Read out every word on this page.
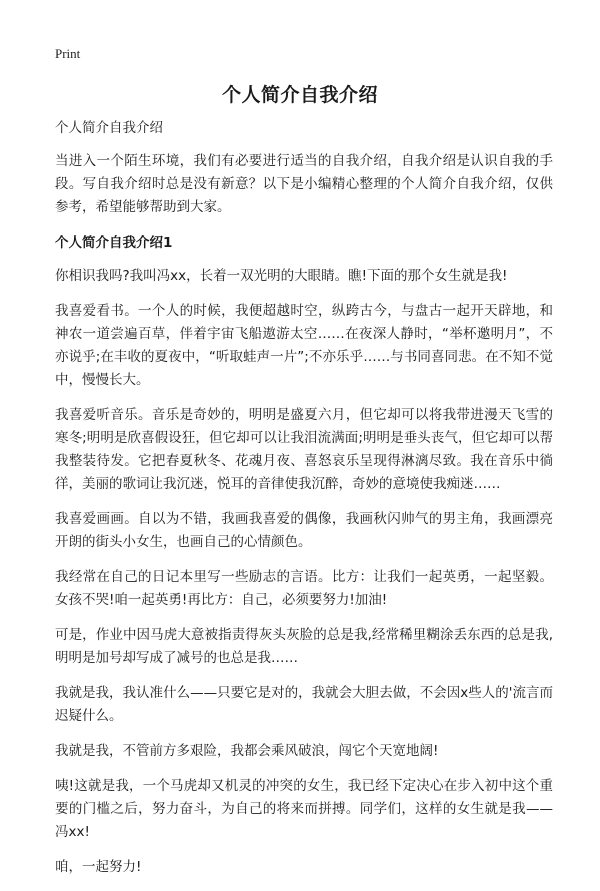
Print
个人简介自我介绍

个人简介自我介绍

当进入一个陌生环境，我们有必要进行适当的自我介绍，自我介绍是认识自我的手段。写自我介绍时总是没有新意？以下是小编精心整理的个人简介自我介绍，仅供参考，希望能够帮助到大家。

个人简介自我介绍1

你相识我吗?我叫冯xx，长着一双光明的大眼睛。瞧!下面的那个女生就是我!

我喜爱看书。一个人的时候，我便超越时空，纵跨古今，与盘古一起开天辟地，和神农一道尝遍百草，伴着宇宙飞船遨游太空……在夜深人静时，“举杯邀明月”，不亦说乎;在丰收的夏夜中，“听取蛙声一片”;不亦乐乎……与书同喜同悲。在不知不觉中，慢慢长大。

我喜爱听音乐。音乐是奇妙的，明明是盛夏六月，但它却可以将我带进漫天飞雪的寒冬;明明是欣喜假设狂，但它却可以让我泪流满面;明明是垂头丧气，但它却可以帮我整装待发。它把春夏秋冬、花魂月夜、喜怒哀乐呈现得淋漓尽致。我在音乐中徜徉，美丽的歌词让我沉迷，悦耳的音律使我沉醉，奇妙的意境使我痴迷……

我喜爱画画。自以为不错，我画我喜爱的偶像，我画秋闪帅气的男主角，我画漂亮开朗的街头小女生，也画自己的心情颜色。

我经常在自己的日记本里写一些励志的言语。比方：让我们一起英勇，一起坚毅。女孩不哭!咱一起英勇!再比方：自己，必须要努力!加油!

可是，作业中因马虎大意被指责得灰头灰脸的总是我,经常稀里糊涂丢东西的总是我,明明是加号却写成了减号的也总是我……

我就是我，我认准什么——只要它是对的，我就会大胆去做，不会因x些人的'流言而迟疑什么。

我就是我，不管前方多艰险，我都会乘风破浪，闯它个天宽地阔!

咦!这就是我，一个马虎却又机灵的冲突的女生，我已经下定决心在步入初中这个重要的门槛之后，努力奋斗，为自己的将来而拼搏。同学们，这样的女生就是我——冯xx!

咱，一起努力!
